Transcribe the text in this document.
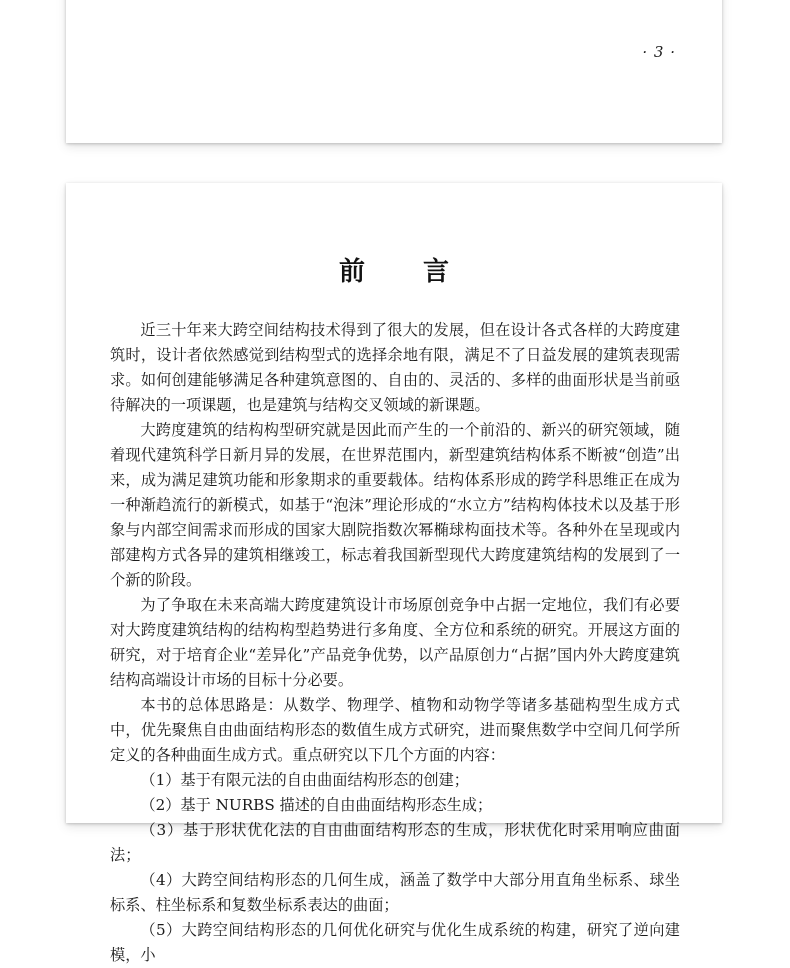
· 3 ·
前　　言

近三十年来大跨空间结构技术得到了很大的发展，但在设计各式各样的大跨度建筑时，设计者依然感觉到结构型式的选择余地有限，满足不了日益发展的建筑表现需求。如何创建能够满足各种建筑意图的、自由的、灵活的、多样的曲面形状是当前亟待解决的一项课题，也是建筑与结构交叉领域的新课题。

大跨度建筑的结构构型研究就是因此而产生的一个前沿的、新兴的研究领域，随着现代建筑科学日新月异的发展，在世界范围内，新型建筑结构体系不断被“创造”出来，成为满足建筑功能和形象期求的重要载体。结构体系形成的跨学科思维正在成为一种渐趋流行的新模式，如基于“泡沫”理论形成的“水立方”结构构体技术以及基于形象与内部空间需求而形成的国家大剧院指数次幂椭球构面技术等。各种外在呈现或内部建构方式各异的建筑相继竣工，标志着我国新型现代大跨度建筑结构的发展到了一个新的阶段。

为了争取在未来高端大跨度建筑设计市场原创竞争中占据一定地位，我们有必要对大跨度建筑结构的结构构型趋势进行多角度、全方位和系统的研究。开展这方面的研究，对于培育企业“差异化”产品竞争优势，以产品原创力“占据”国内外大跨度建筑结构高端设计市场的目标十分必要。

本书的总体思路是：从数学、物理学、植物和动物学等诸多基础构型生成方式中，优先聚焦自由曲面结构形态的数值生成方式研究，进而聚焦数学中空间几何学所定义的各种曲面生成方式。重点研究以下几个方面的内容：

（1）基于有限元法的自由曲面结构形态的创建；

（2）基于 NURBS 描述的自由曲面结构形态生成；

（3）基于形状优化法的自由曲面结构形态的生成，形状优化时采用响应曲面法；

（4）大跨空间结构形态的几何生成，涵盖了数学中大部分用直角坐标系、球坐标系、柱坐标系和复数坐标系表达的曲面；

（5）大跨空间结构形态的几何优化研究与优化生成系统的构建，研究了逆向建模，小
